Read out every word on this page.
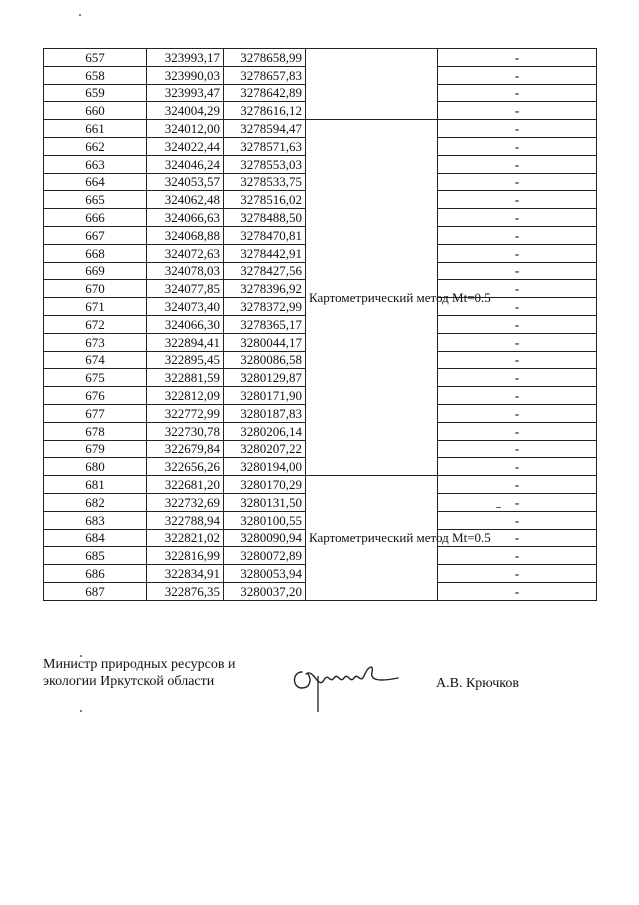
657	323993,17	3278658,99		-
658	323990,03	3278657,83		-
659	323993,47	3278642,89		-
660	324004,29	3278616,12		-
661	324012,00	3278594,47	Картометрический метод Mt=0.5	-
662	324022,44	3278571,63		-
663	324046,24	3278553,03		-
664	324053,57	3278533,75		-
665	324062,48	3278516,02		-
666	324066,63	3278488,50		-
667	324068,88	3278470,81		-
668	324072,63	3278442,91		-
669	324078,03	3278427,56		-
670	324077,85	3278396,92		-
671	324073,40	3278372,99		-
672	324066,30	3278365,17		-
673	322894,41	3280044,17		-
674	322895,45	3280086,58		-
675	322881,59	3280129,87		-
676	322812,09	3280171,90		-
677	322772,99	3280187,83		-
678	322730,78	3280206,14		-
679	322679,84	3280207,22		-
680	322656,26	3280194,00		-
681	322681,20	3280170,29	Картометрический метод Mt=0.5	-
682	322732,69	3280131,50		-
683	322788,94	3280100,55		-
684	322821,02	3280090,94		-
685	322816,99	3280072,89		-
686	322834,91	3280053,94		-
687	322876,35	3280037,20		-
Министр природных ресурсов и
экологии Иркутской области	А.В. Крючков
